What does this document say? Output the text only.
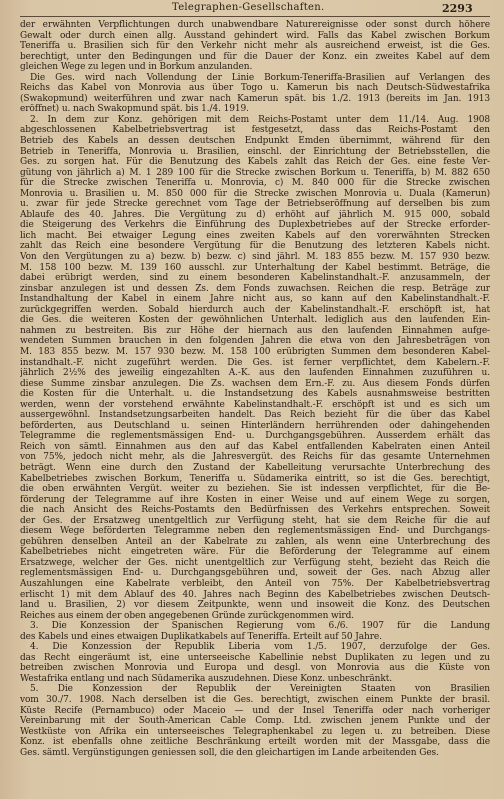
Telegraphen-Gesellschaften.	2293
der erwähnten Verpflichtungen durch unabwendbare Naturereignisse oder sonst durch höhere
Gewalt oder durch einen allg. Ausstand gehindert wird. Falls das Kabel zwischen Borkum
Teneriffa u. Brasilien sich für den Verkehr nicht mehr als ausreichend erweist, ist die Ges.
berechtigt, unter den Bedingungen und für die Dauer der Konz. ein zweites Kabel auf dem
gleichen Wege zu legen und in Borkum anzulanden.
Die Ges. wird nach Vollendung der Linie Borkum-Teneriffa-Brasilien auf Verlangen des
Reichs das Kabel von Monrovia aus über Togo u. Kamerun bis nach Deutsch-Südwestafrika
(Swakopmund) weiterführen und zwar nach Kamerun spät. bis 1./2. 1913 (bereits im Jan. 1913
eröffnet) u. nach Swakopmund spät. bis 1./4. 1919.
2. In dem zur Konz. gehörigen mit dem Reichs-Postamt unter dem 11./14. Aug. 1908
abgeschlossenen Kabelbetriebsvertrag ist festgesetzt, dass das Reichs-Postamt den
Betrieb des Kabels an dessen deutschen Endpunkt Emden übernimmt, während für den
Betrieb in Teneriffa, Monrovia u. Brasilien, einschl. der Einrichtung der Betriebsstellen, die
Ges. zu sorgen hat. Für die Benutzung des Kabels zahlt das Reich der Ges. eine feste Ver-
gütung von jährlich a) M. 1 289 100 für die Strecke zwischen Borkum u. Teneriffa, b) M. 882 650
für die Strecke zwischen Teneriffa u. Monrovia, c) M. 840 000 für die Strecke zwischen
Monrovia u. Brasilien u. M. 850 000 für die Strecke zwischen Monrovia u. Duala (Kamerun)
u. zwar für jede Strecke gerechnet vom Tage der Betriebseröffnung auf derselben bis zum
Ablaufe des 40. Jahres. Die Vergütung zu d) erhöht auf jährlich M. 915 000, sobald
die Steigerung des Verkehrs die Einführung des Duplexbetriebes auf der Strecke erforder-
lich macht. Bei etwaiger Legung eines zweiten Kabels auf den vorerwähnten Strecken
zahlt das Reich eine besondere Vergütung für die Benutzung des letzteren Kabels nicht.
Von den Vergütungen zu a) bezw. b) bezw. c) sind jährl. M. 183 855 bezw. M. 157 930 bezw.
M. 158 100 bezw. M. 139 160 ausschl. zur Unterhaltung der Kabel bestimmt. Beträge, die
dabei erübrigt werden, sind zu einem besonderen Kabelinstandhalt.-F. anzusammeln, der
zinsbar anzulegen ist und dessen Zs. dem Fonds zuwachsen. Reichen die resp. Beträge zur
Instandhaltung der Kabel in einem Jahre nicht aus, so kann auf den Kabelinstandhalt.-F.
zurückgegriffen werden. Sobald hierdurch auch der Kabelinstandhalt.-F. erschöpft ist, hat
die Ges. die weiteren Kosten der gewöhnlichen Unterhalt. lediglich aus den laufenden Ein-
nahmen zu bestreiten. Bis zur Höhe der hiernach aus den laufenden Einnahmen aufge-
wendeten Summen brauchen in den folgenden Jahren die etwa von den Jahresbeträgen von
M. 183 855 bezw. M. 157 930 bezw. M. 158 100 erübrigten Summen dem besonderen Kabel-
instandhalt.-F. nicht zugeführt werden. Die Ges. ist ferner verpflichtet, dem Kabelern.-F.
jährlich 2½% des jeweilig eingezahlten A.-K. aus den laufenden Einnahmen zuzuführen u.
diese Summe zinsbar anzulegen. Die Zs. wachsen dem Ern.-F. zu. Aus diesem Fonds dürfen
die Kosten für die Unterhalt. u. die Instandsetzung des Kabels ausnahmsweise bestritten
werden, wenn der vorstehend erwähnte Kabelinstandhalt.-F. erschöpft ist und es sich um
aussergewöhnl. Instandsetzungsarbeiten handelt. Das Reich bezieht für die über das Kabel
beförderten, aus Deutschland u. seinen Hinterländern herrührenden oder dahingehenden
Telegramme die reglementsmässigen End- u. Durchgangsgebühren. Ausserdem erhält das
Reich von sämtl. Einnahmen aus den auf das Kabel entfallenden Kabelraten einen Anteil
von 75%, jedoch nicht mehr, als die Jahresvergüt. des Reichs für das gesamte Unternehmen
beträgt. Wenn eine durch den Zustand der Kabelleitung verursachte Unterbrechung des
Kabelbetriebes zwischen Borkum, Teneriffa u. Südamerika eintritt, so ist die Ges. berechtigt,
die oben erwähnten Vergüt. weiter zu beziehen. Sie ist indessen verpflichtet, für die Be-
förderung der Telegramme auf ihre Kosten in einer Weise und auf einem Wege zu sorgen,
die nach Ansicht des Reichs-Postamts den Bedürfnissen des Verkehrs entsprechen. Soweit
der Ges. der Ersatzweg unentgeltlich zur Verfügung steht, hat sie dem Reiche für die auf
diesem Wege beförderten Telegramme neben den reglementsmässigen End- und Durchgangs-
gebühren denselben Anteil an der Kabelrate zu zahlen, als wenn eine Unterbrechung des
Kabelbetriebes nicht eingetreten wäre. Für die Beförderung der Telegramme auf einem
Ersatzwege, welcher der Ges. nicht unentgeltlich zur Verfügung steht, bezieht das Reich die
reglementsmässigen End- u. Durchgangsgebühren und, soweit der Ges. nach Abzug aller
Auszahlungen eine Kabelrate verbleibt, den Anteil von 75%. Der Kabelbetriebsvertrag
erlischt 1) mit dem Ablauf des 40. Jahres nach Beginn des Kabelbetriebes zwischen Deutsch-
land u. Brasilien, 2) vor diesem Zeitpunkte, wenn und insoweit die Konz. des Deutschen
Reiches aus einem der oben angegebenen Gründe zurückgenommen wird.
3. Die Konzession der Spanischen Regierung vom 6./6. 1907 für die Landung
des Kabels und eines etwaigen Duplikatkabels auf Teneriffa. Erteilt auf 50 Jahre.
4. Die Konzession der Republik Liberia vom 1./5. 1907, derzufolge der Ges.
das Recht eingeräumt ist, eine unterseeische Kabellinie nebst Duplikaten zu legen und zu
betreiben zwischen Monrovia und Europa und desgl. von Monrovia aus die Küste von
Westafrika entlang und nach Südamerika auszudehnen. Diese Konz. unbeschränkt.
5. Die Konzession der Republik der Vereinigten Staaten von Brasilien
vom 30./7. 1908. Nach derselben ist die Ges. berechtigt, zwischen einem Punkte der brasil.
Küste Recife (Pernambuco) oder Maceio — und der Insel Teneriffa oder nach vorheriger
Vereinbarung mit der South-American Cable Comp. Ltd. zwischen jenem Punkte und der
Westküste von Afrika ein unterseeisches Telegraphenkabel zu legen u. zu betreiben. Diese
Konz. ist ebenfalls ohne zeitliche Beschränkung erteilt worden mit der Massgabe, dass die
Ges. sämtl. Vergünstigungen geniessen soll, die den gleichartigen im Lande arbeitenden Ges.
